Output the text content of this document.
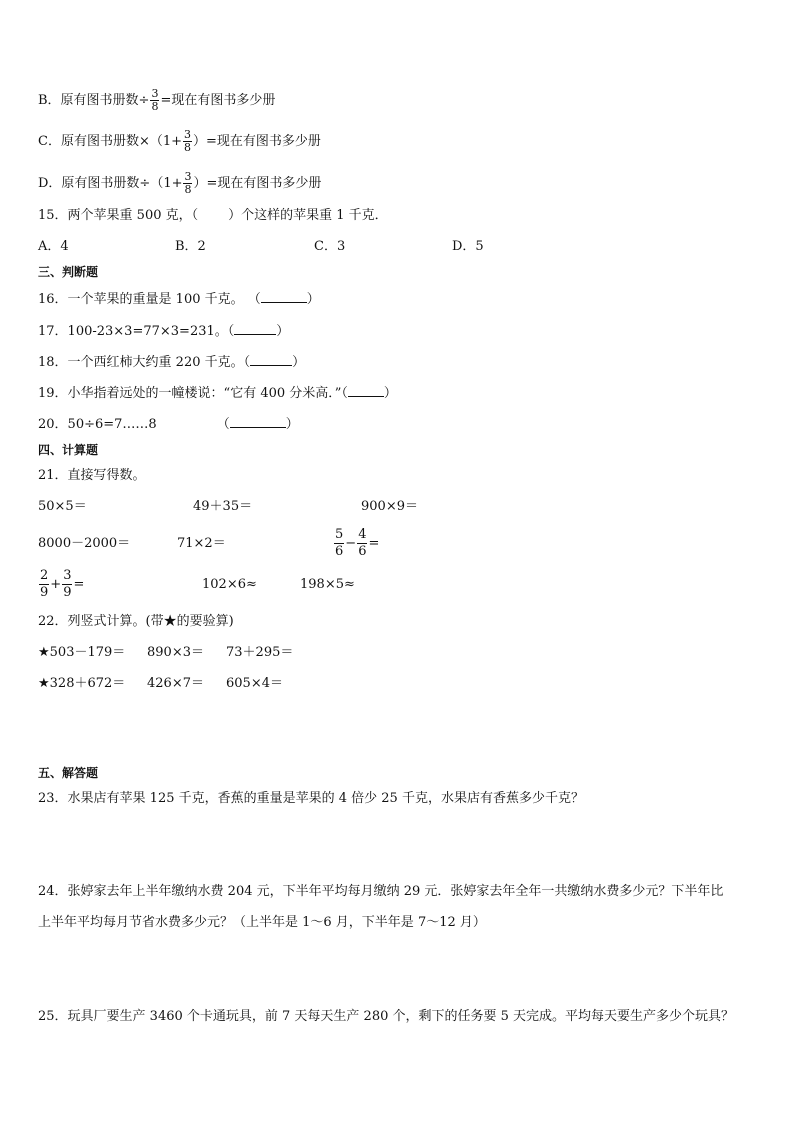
B．原有图书册数÷ $\frac{3}{8}$ =现在有图书多少册
C．原有图书册数$\times(1+ \frac{3}{8}$ ）=现在有图书多少册
D．原有图书册数$\div(1+ \frac{3}{8}$ ）=现在有图书多少册
15．两个苹果重 500 克，（ ）个这样的苹果重 1 千克．
A．4	B．2	C．3	D．5
三、判断题
16．一个苹果的重量是 100 千克。 （	）
17．100-23×3=77×3=231。（	）
18．一个西红柿大约重 220 千克。（	）
19．小华指着远处的一幢楼说：“它有 400 分米高．”（	）
20．50÷6=7……8	（	）
四、计算题
21．直接写得数。
50×5＝	49＋35＝	900×9＝
8000－2000＝	71×2＝	$\frac{5}{6} - \frac{4}{6}$ =
$\frac{2}{9} + \frac{3}{9}$ =	102×6≈	198×5≈
22．列竖式计算。(带★的要验算)
★503－179＝ 890×3＝ 73＋295＝
★328＋672＝ 426×7＝ 605×4＝
五、解答题
23．水果店有苹果 125 千克，香蕉的重量是苹果的 4 倍少 25 千克，水果店有香蕉多少千克？
24．张婷家去年上半年缴纳水费 204 元，下半年平均每月缴纳 29 元．张婷家去年全年一共缴纳水费多少元？下半年比
上半年平均每月节省水费多少元？（上半年是 1～6 月，下半年是 7～12 月）
25．玩具厂要生产 3460 个卡通玩具，前 7 天每天生产 280 个，剩下的任务要 5 天完成。平均每天要生产多少个玩具？
